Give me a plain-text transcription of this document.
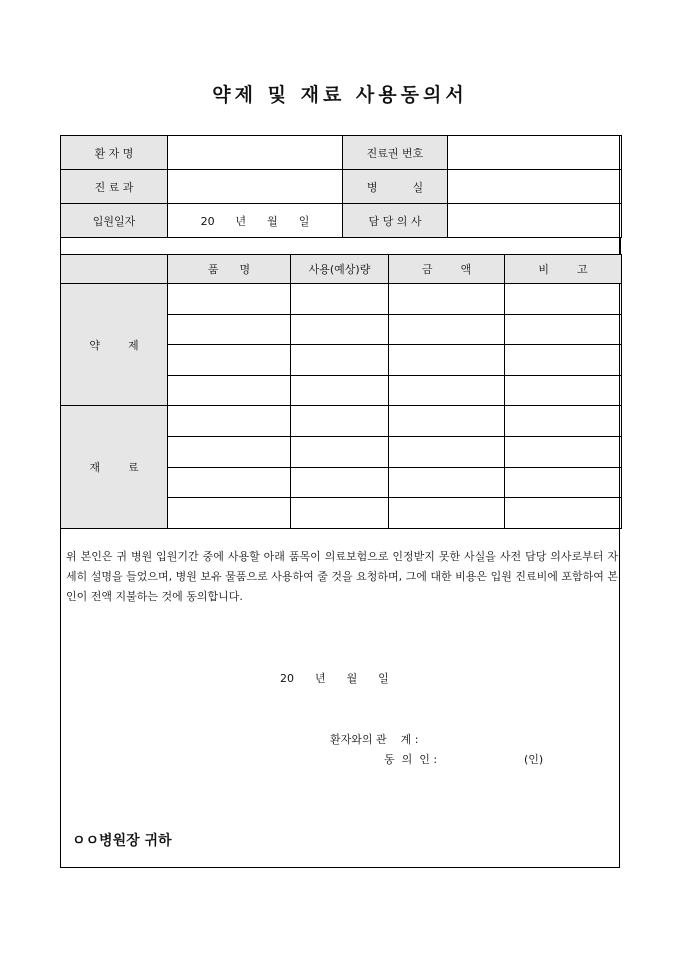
약제 및 재료 사용동의서
환 자 명		진료권 번호	
진 료 과		병          실	
입원일자	20      년      월      일	담 당 의 사	
	품      명	사용(예상)량	금        액	비        고
약        제				

재        료				

위 본인은 귀 병원 입원기간 중에 사용할 아래 품목이 의료보험으로 인정받지 못한 사실을 사전 담당 의사로부터 자세히 설명을 들었으며, 병원 보유 물품으로 사용하여 줄 것을 요청하며, 그에 대한 비용은 입원 진료비에 포함하여 본인이 전액 지불하는 것에 동의합니다.
20      년      월      일
환자와의 관    계 :
동  의  인 :	(인)
ㅇㅇ병원장 귀하
